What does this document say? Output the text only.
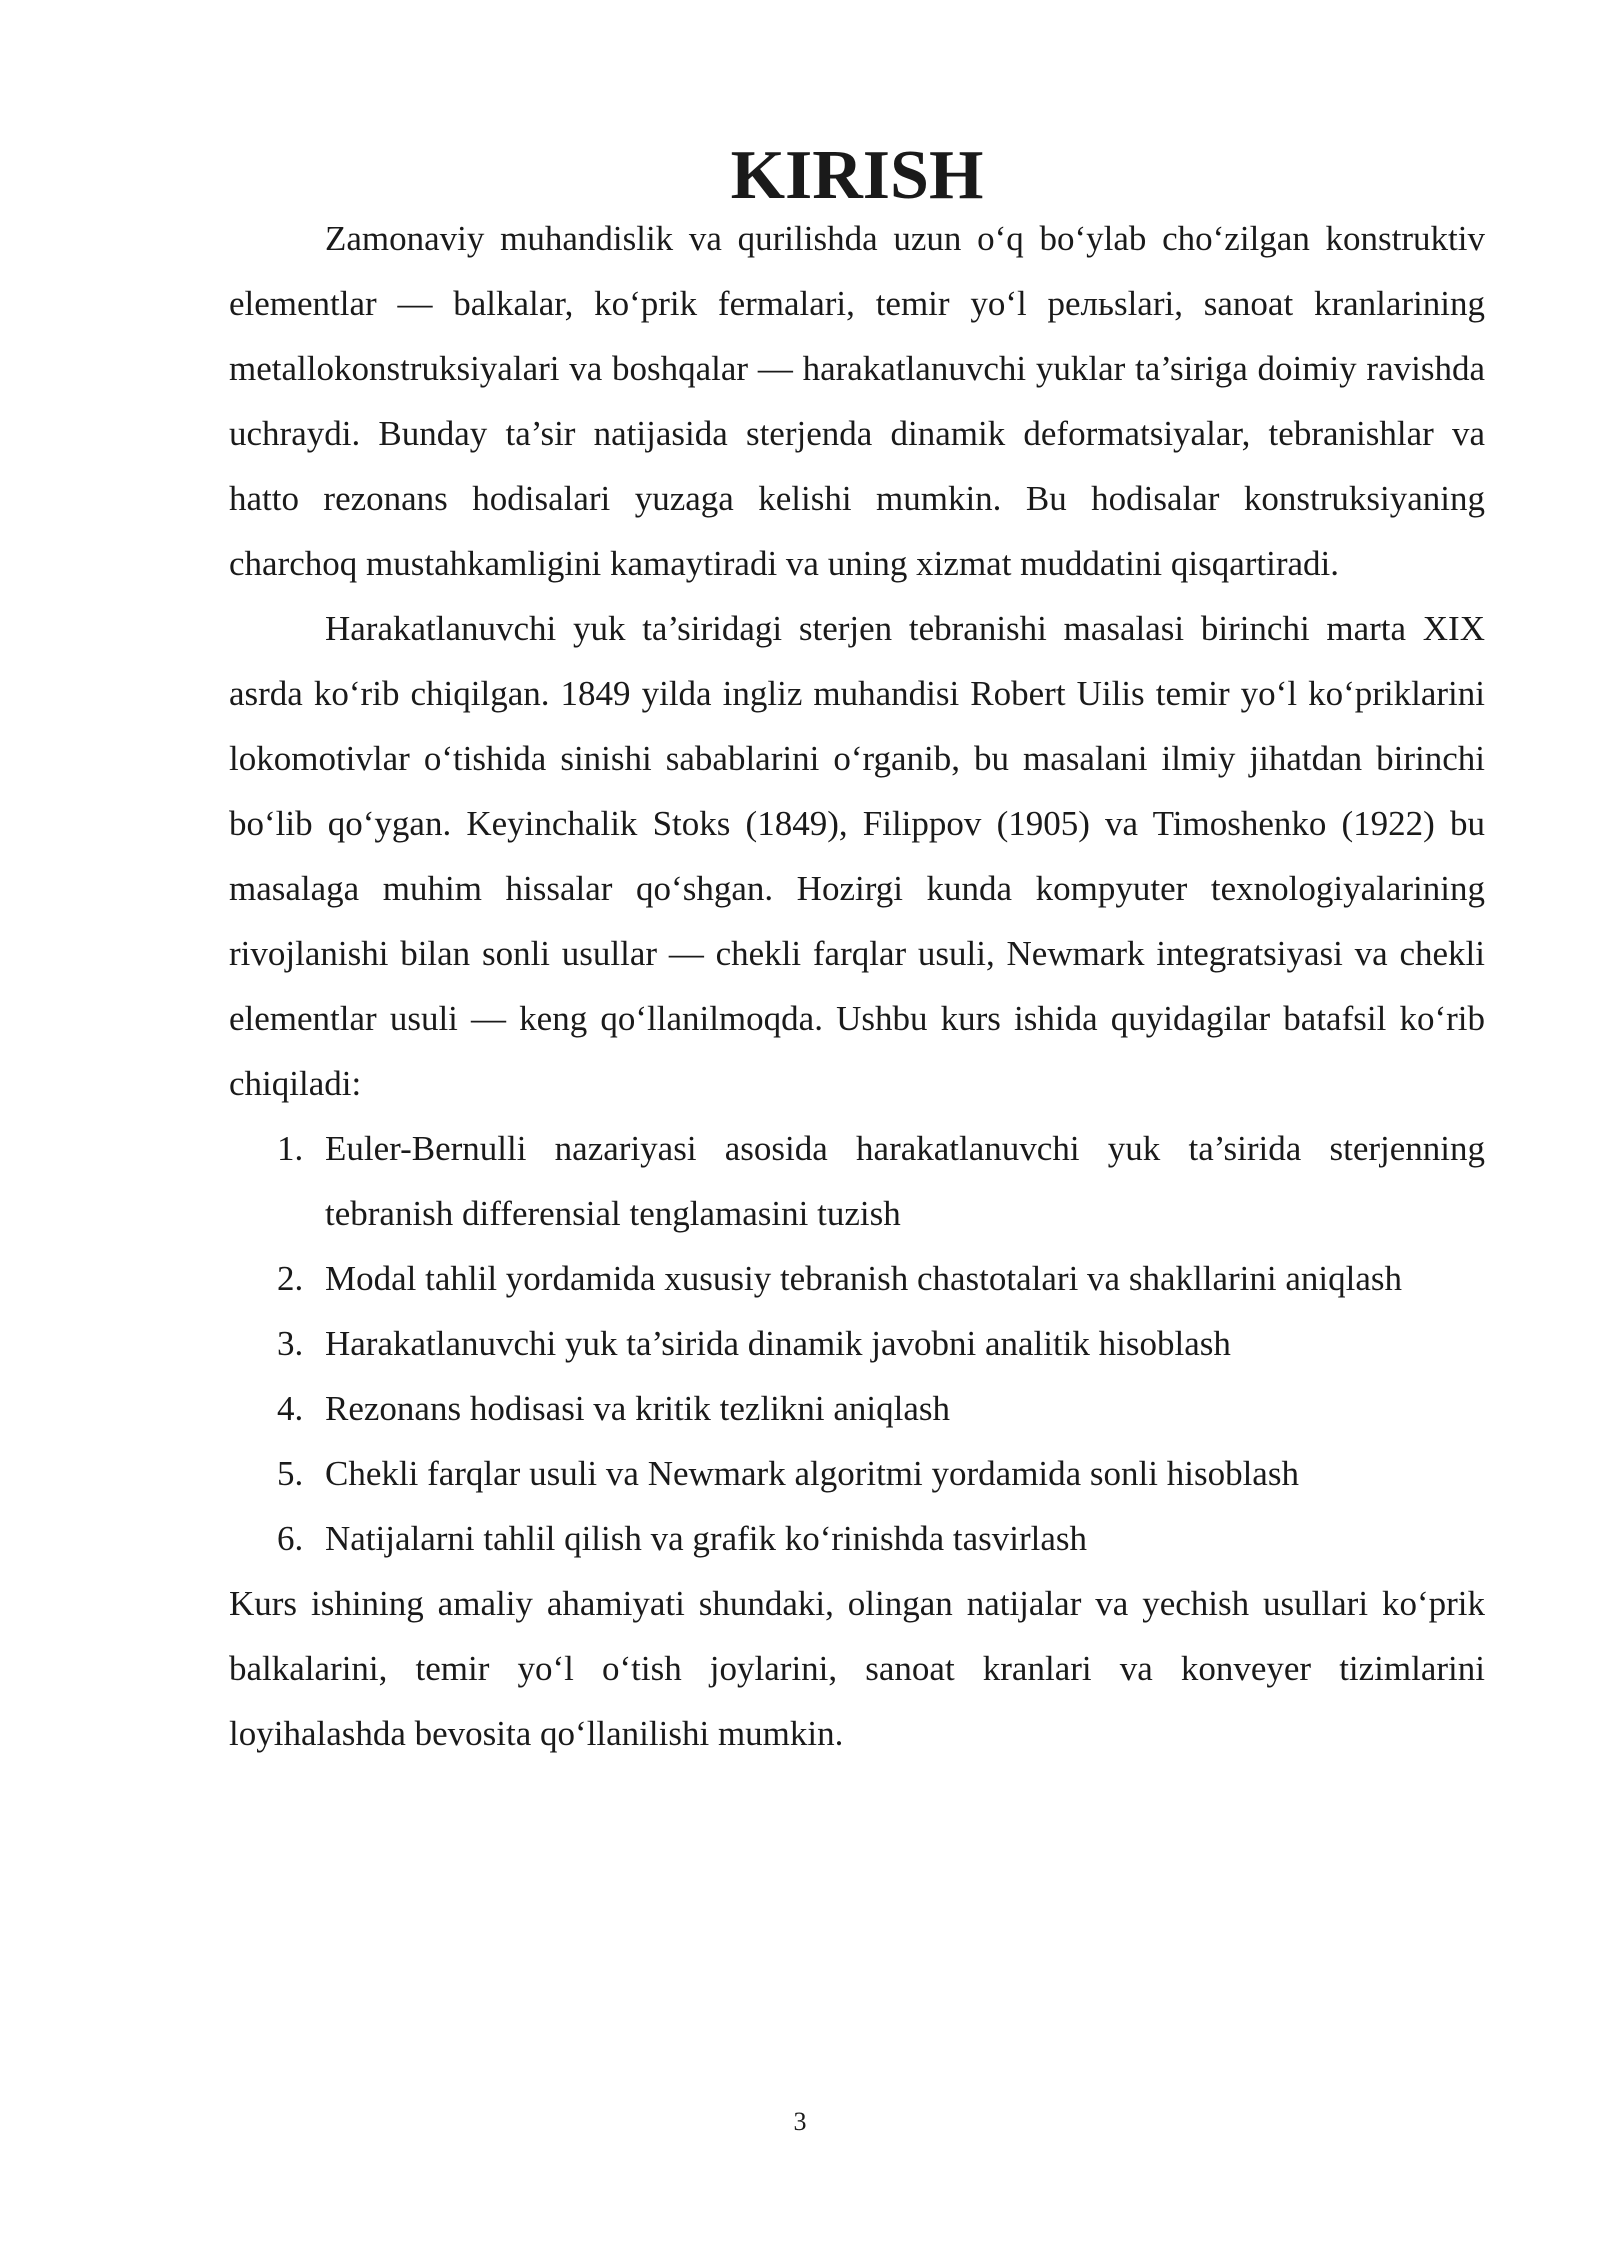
KIRISH

Zamonaviy muhandislik va qurilishda uzun o‘q bo‘ylab cho‘zilgan konstruktiv elementlar — balkalar, ko‘prik fermalari, temir yo‘l рельslari, sanoat kranlarining metallokonstruksiyalari va boshqalar — harakatlanuvchi yuklar ta’siriga doimiy ravishda uchraydi. Bunday ta’sir natijasida sterjenda dinamik deformatsiyalar, tebranishlar va hatto rezonans hodisalari yuzaga kelishi mumkin. Bu hodisalar konstruksiyaning charchoq mustahkamligini kamaytiradi va uning xizmat muddatini qisqartiradi.

Harakatlanuvchi yuk ta’siridagi sterjen tebranishi masalasi birinchi marta XIX asrda ko‘rib chiqilgan. 1849 yilda ingliz muhandisi Robert Uilis temir yo‘l ko‘priklarini lokomotivlar o‘tishida sinishi sabablarini o‘rganib, bu masalani ilmiy jihatdan birinchi bo‘lib qo‘ygan. Keyinchalik Stoks (1849), Filippov (1905) va Timoshenko (1922) bu masalaga muhim hissalar qo‘shgan. Hozirgi kunda kompyuter texnologiyalarining rivojlanishi bilan sonli usullar — chekli farqlar usuli, Newmark integratsiyasi va chekli elementlar usuli — keng qo‘llanilmoqda. Ushbu kurs ishida quyidagilar batafsil ko‘rib chiqiladi:

1. Euler-Bernulli nazariyasi asosida harakatlanuvchi yuk ta’sirida sterjenning tebranish differensial tenglamasini tuzish
2. Modal tahlil yordamida xususiy tebranish chastotalari va shakllarini aniqlash
3. Harakatlanuvchi yuk ta’sirida dinamik javobni analitik hisoblash
4. Rezonans hodisasi va kritik tezlikni aniqlash
5. Chekli farqlar usuli va Newmark algoritmi yordamida sonli hisoblash
6. Natijalarni tahlil qilish va grafik ko‘rinishda tasvirlash

Kurs ishining amaliy ahamiyati shundaki, olingan natijalar va yechish usullari ko‘prik balkalarini, temir yo‘l o‘tish joylarini, sanoat kranlari va konveyer tizimlarini loyihalashda bevosita qo‘llanilishi mumkin.

3
